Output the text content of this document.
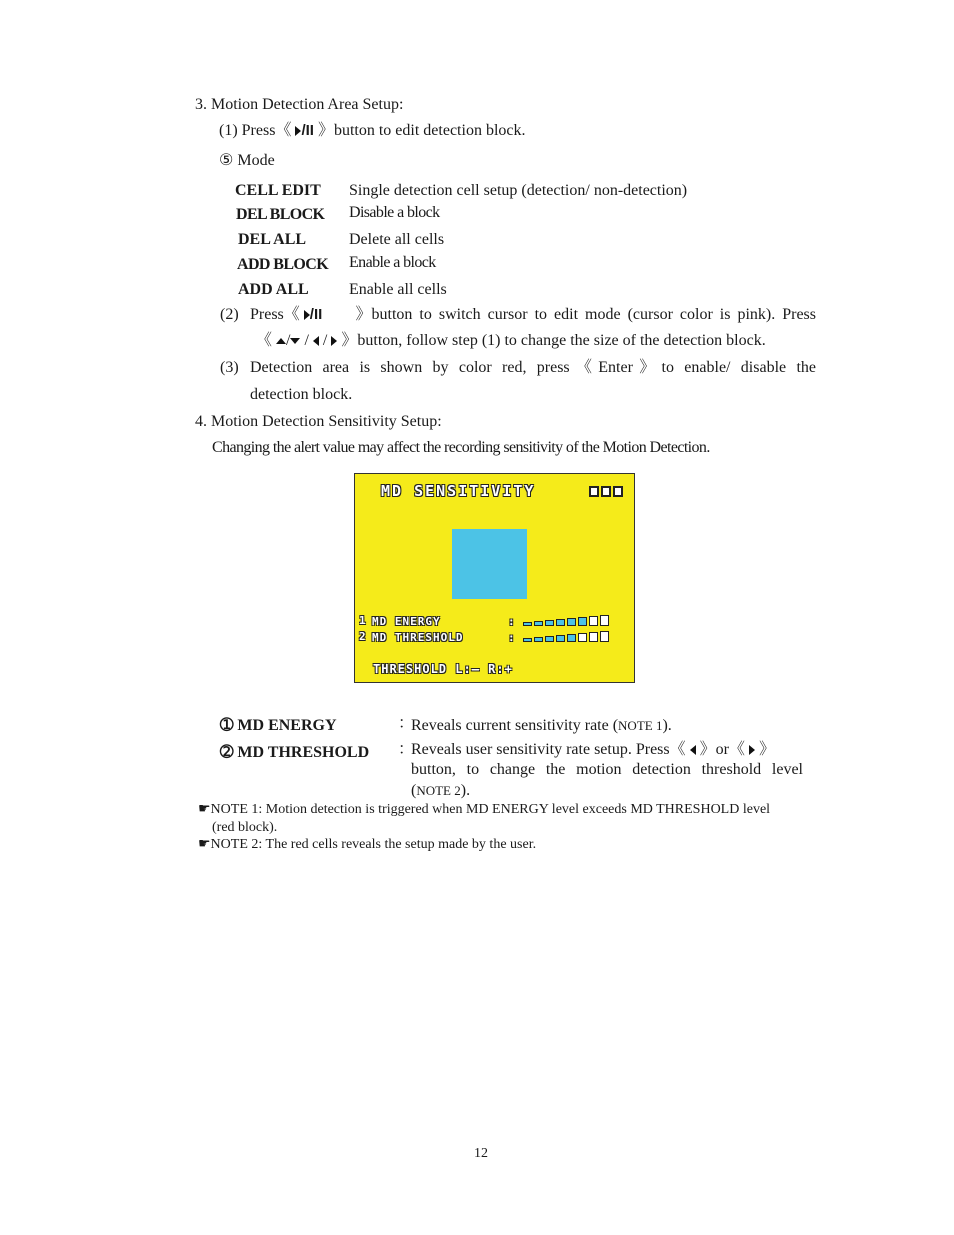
3. Motion Detection Area Setup:
(1) Press《 /II 》button to edit detection block.
⑤ Mode
CELL EDIT Single detection cell setup (detection/ non-detection)
DEL BLOCK Disable a block
DEL ALL	Delete all cells
ADD BLOCK Enable a block
ADD ALL	Enable all cells
(2) Press《 /II 》button to switch cursor to edit mode (cursor color is pink). Press
《 / /  /  》button, follow step (1) to change the size of the detection block.
(3) Detection area is shown by color red, press《Enter》to enable/ disable the
detection block.
4. Motion Detection Sensitivity Setup:
Changing the alert value may affect the recording sensitivity of the Motion Detection.
MD SENSITIVITY
1 MD ENERGY	:
2 MD THRESHOLD	:
THRESHOLD L:– R:+
➀ MD ENERGY	：
Reveals current sensitivity rate (NOTE 1).
➁ MD THRESHOLD ：
Reveals user sensitivity rate setup. Press《 》or《 》
button, to change the motion detection threshold level
(NOTE 2).
☛NOTE 1: Motion detection is triggered when MD ENERGY level exceeds MD THRESHOLD level
(red block).
☛NOTE 2: The red cells reveals the setup made by the user.
12
